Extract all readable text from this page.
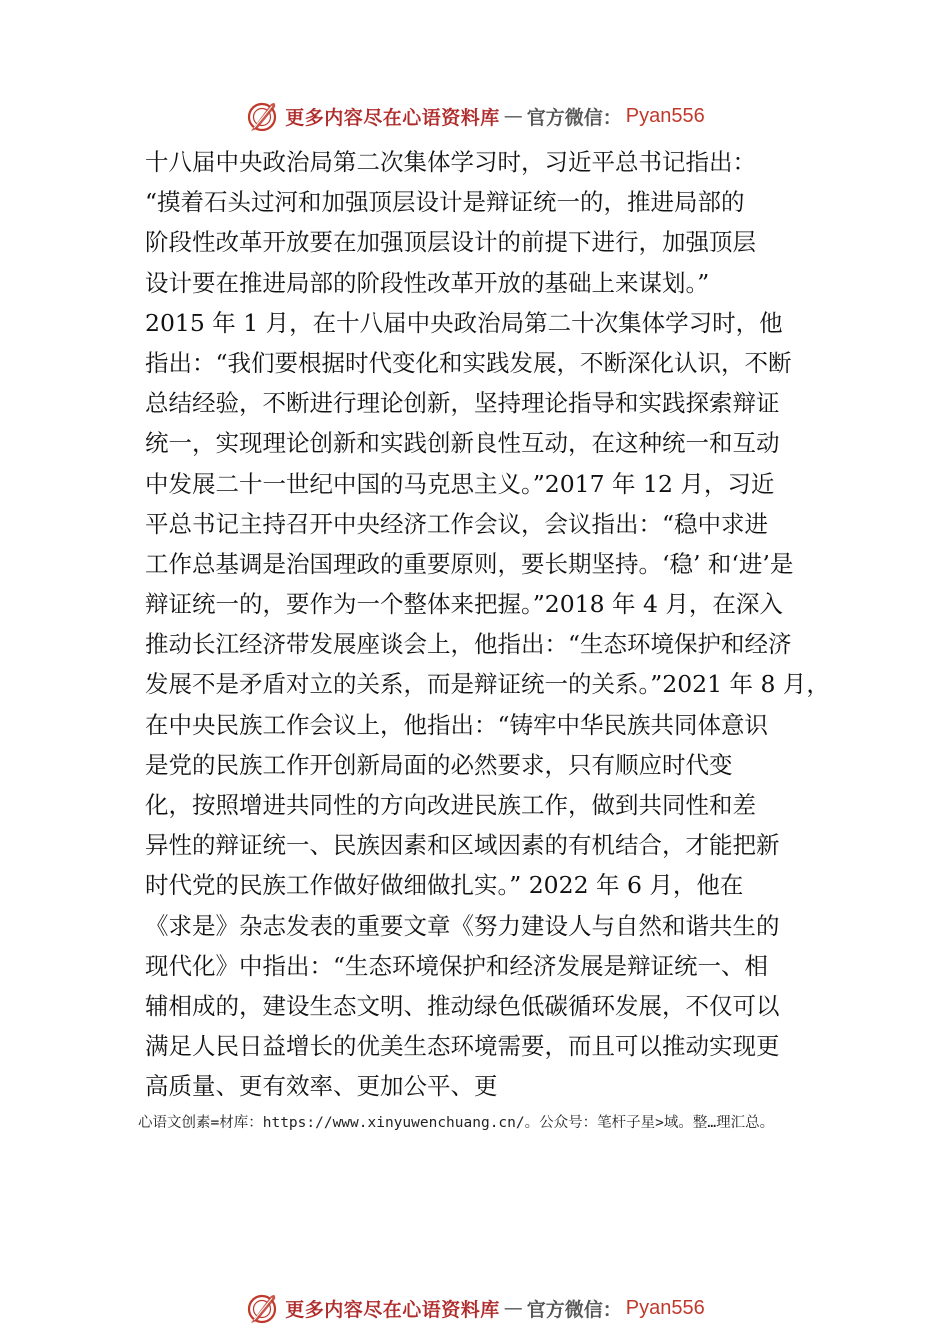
更多内容尽在心语资料库 — 官方微信： Pyan556
十八届中央政治局第二次集体学习时，习近平总书记指出：
“摸着石头过河和加强顶层设计是辩证统一的，推进局部的
阶段性改革开放要在加强顶层设计的前提下进行，加强顶层
设计要在推进局部的阶段性改革开放的基础上来谋划。”
2015 年 1 月，在十八届中央政治局第二十次集体学习时，他
指出：“我们要根据时代变化和实践发展，不断深化认识，不断
总结经验，不断进行理论创新，坚持理论指导和实践探索辩证
统一，实现理论创新和实践创新良性互动，在这种统一和互动
中发展二十一世纪中国的马克思主义。”2017 年 12 月，习近
平总书记主持召开中央经济工作会议，会议指出：“稳中求进
工作总基调是治国理政的重要原则，要长期坚持。‘稳’ 和‘进’是
辩证统一的，要作为一个整体来把握。”2018 年 4 月，在深入
推动长江经济带发展座谈会上，他指出：“生态环境保护和经济
发展不是矛盾对立的关系，而是辩证统一的关系。”2021 年 8 月，
在中央民族工作会议上，他指出：“铸牢中华民族共同体意识
是党的民族工作开创新局面的必然要求，只有顺应时代变
化，按照增进共同性的方向改进民族工作，做到共同性和差
异性的辩证统一、民族因素和区域因素的有机结合，才能把新
时代党的民族工作做好做细做扎实。” 2022 年 6 月，他在
《求是》杂志发表的重要文章《努力建设人与自然和谐共生的
现代化》中指出：“生态环境保护和经济发展是辩证统一、相
辅相成的，建设生态文明、推动绿色低碳循环发展，不仅可以
满足人民日益增长的优美生态环境需要，而且可以推动实现更
高质量、更有效率、更加公平、更
心语文创素=材库：https://www.xinyuwenchuang.cn/。公众号：笔杆子星>域。整…理汇总。
更多内容尽在心语资料库 — 官方微信： Pyan556
